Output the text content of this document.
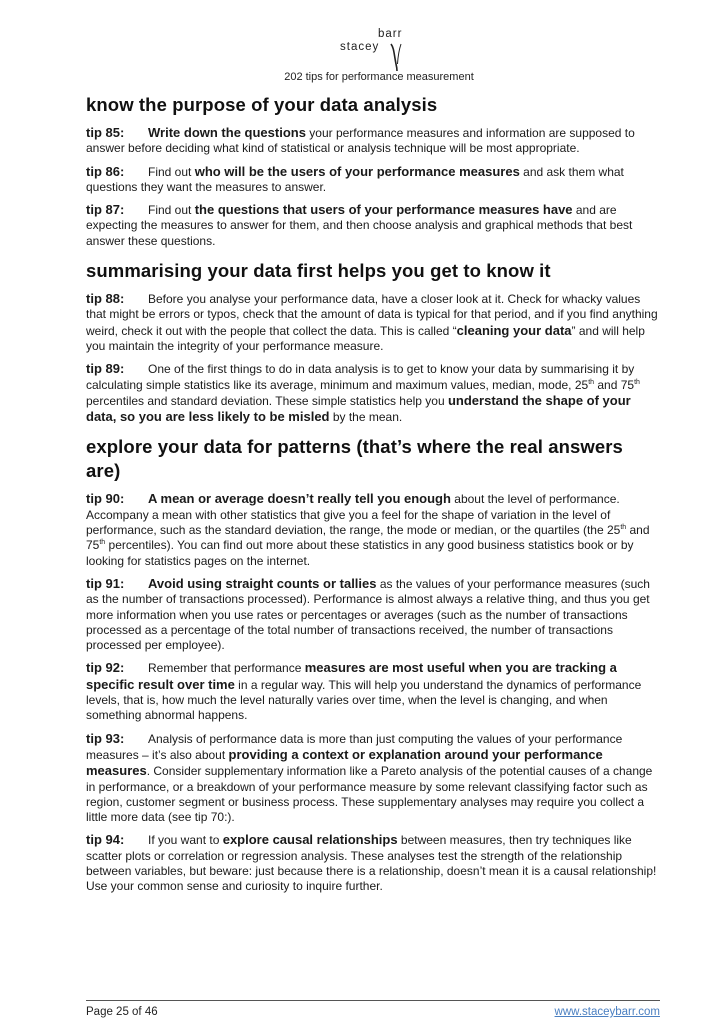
barr
stacey
202 tips for performance measurement
know the purpose of your data analysis

tip 85: Write down the questions your performance measures and information are supposed to answer before deciding what kind of statistical or analysis technique will be most appropriate.

tip 86: Find out who will be the users of your performance measures and ask them what questions they want the measures to answer.

tip 87: Find out the questions that users of your performance measures have and are expecting the measures to answer for them, and then choose analysis and graphical methods that best answer these questions.

summarising your data first helps you get to know it

tip 88: Before you analyse your performance data, have a closer look at it. Check for whacky values that might be errors or typos, check that the amount of data is typical for that period, and if you find anything weird, check it out with the people that collect the data. This is called “cleaning your data” and will help you maintain the integrity of your performance measure.

tip 89: One of the first things to do in data analysis is to get to know your data by summarising it by calculating simple statistics like its average, minimum and maximum values, median, mode, 25th and 75th percentiles and standard deviation. These simple statistics help you understand the shape of your data, so you are less likely to be misled by the mean.

explore your data for patterns (that’s where the real answers are)

tip 90: A mean or average doesn’t really tell you enough about the level of performance. Accompany a mean with other statistics that give you a feel for the shape of variation in the level of performance, such as the standard deviation, the range, the mode or median, or the quartiles (the 25th and 75th percentiles). You can find out more about these statistics in any good business statistics book or by looking for statistics pages on the internet.

tip 91: Avoid using straight counts or tallies as the values of your performance measures (such as the number of transactions processed). Performance is almost always a relative thing, and thus you get more information when you use rates or percentages or averages (such as the number of transactions processed as a percentage of the total number of transactions received, the number of transactions processed per employee).

tip 92: Remember that performance measures are most useful when you are tracking a specific result over time in a regular way. This will help you understand the dynamics of performance levels, that is, how much the level naturally varies over time, when the level is changing, and when something abnormal happens.

tip 93: Analysis of performance data is more than just computing the values of your performance measures – it’s also about providing a context or explanation around your performance measures. Consider supplementary information like a Pareto analysis of the potential causes of a change in performance, or a breakdown of your performance measure by some relevant classifying factor such as region, customer segment or business process. These supplementary analyses may require you collect a little more data (see tip 70:).

tip 94: If you want to explore causal relationships between measures, then try techniques like scatter plots or correlation or regression analysis. These analyses test the strength of the relationship between variables, but beware: just because there is a relationship, doesn’t mean it is a causal relationship! Use your common sense and curiosity to inquire further.

Page 25 of 46	www.staceybarr.com
